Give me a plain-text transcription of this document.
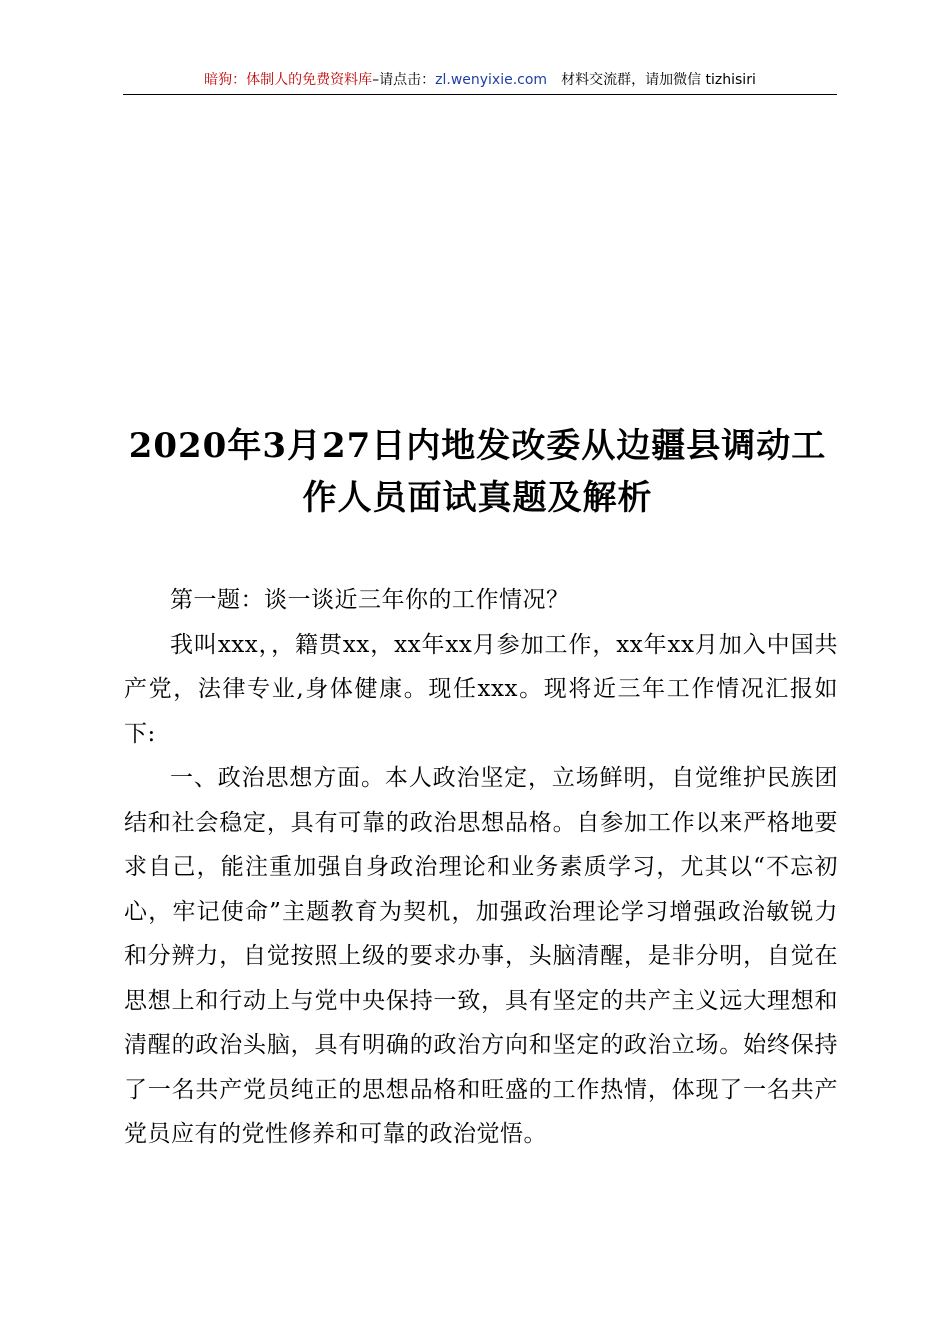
暗狗：体制人的免费资料库–请点击：zl.wenyixie.com 材料交流群，请加微信 tizhisiri
2020年3月27日内地发改委从边疆县调动工
作人员面试真题及解析

第一题：谈一谈近三年你的工作情况？

我叫xxx，，籍贯xx，xx年xx月参加工作，xx年xx月加入中国共产党，法律专业,身体健康。现任xxx。现将近三年工作情况汇报如下:

一、政治思想方面。本人政治坚定，立场鲜明，自觉维护民族团结和社会稳定，具有可靠的政治思想品格。自参加工作以来严格地要求自己，能注重加强自身政治理论和业务素质学习，尤其以“不忘初心，牢记使命”主题教育为契机，加强政治理论学习增强政治敏锐力和分辨力，自觉按照上级的要求办事，头脑清醒，是非分明，自觉在思想上和行动上与党中央保持一致，具有坚定的共产主义远大理想和清醒的政治头脑，具有明确的政治方向和坚定的政治立场。始终保持了一名共产党员纯正的思想品格和旺盛的工作热情，体现了一名共产党员应有的党性修养和可靠的政治觉悟。
